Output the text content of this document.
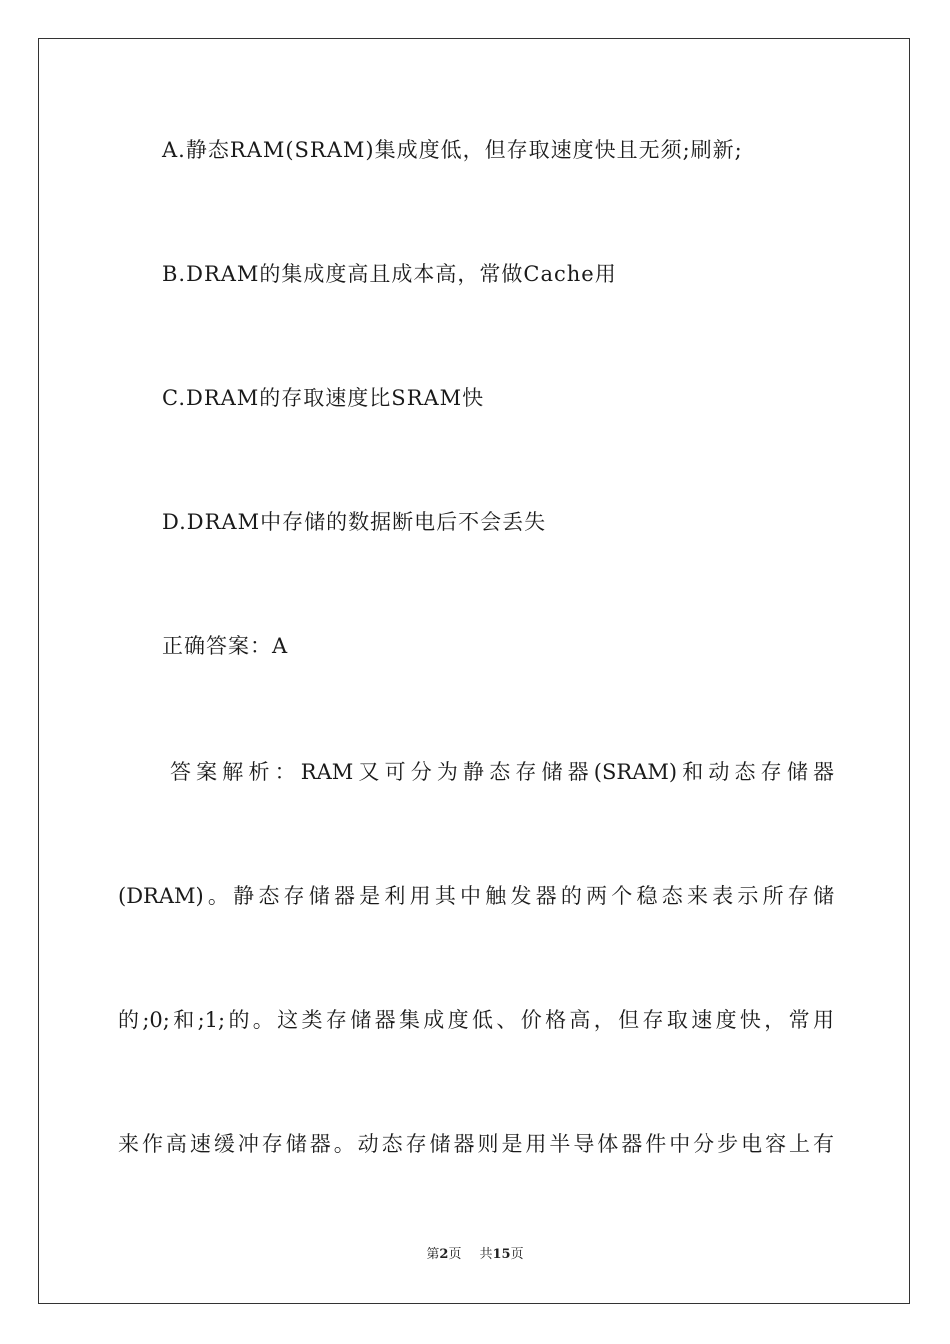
A.静态RAM(SRAM)集成度低，但存取速度快且无须;刷新;
B.DRAM的集成度高且成本高，常做Cache用
C.DRAM的存取速度比SRAM快
D.DRAM中存储的数据断电后不会丢失
正确答案：A
答案解析：RAM又可分为静态存储器(SRAM)和动态存储器
(DRAM)。静态存储器是利用其中触发器的两个稳态来表示所存储
的;0;和;1;的。这类存储器集成度低、价格高，但存取速度快，常用
来作高速缓冲存储器。动态存储器则是用半导体器件中分步电容上有
第2页 共15页
